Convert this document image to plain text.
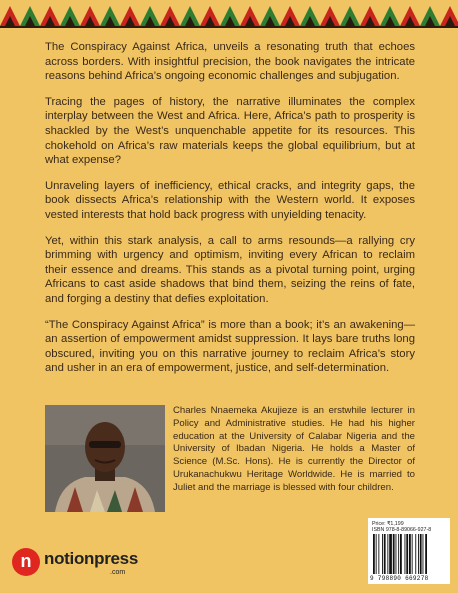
The Conspiracy Against Africa, unveils a resonating truth that echoes across borders. With insightful precision, the book navigates the intricate reasons behind Africa’s ongoing economic challenges and subjugation.

Tracing the pages of history, the narrative illuminates the complex interplay between the West and Africa. Here, Africa’s path to prosperity is shackled by the West’s unquenchable appetite for its resources. This chokehold on Africa’s raw materials keeps the global equilibrium, but at what expense?

Unraveling layers of inefficiency, ethical cracks, and integrity gaps, the book dissects Africa’s relationship with the Western world. It exposes vested interests that hold back progress with unyielding tenacity.

Yet, within this stark analysis, a call to arms resounds—a rallying cry brimming with urgency and optimism, inviting every African to reclaim their essence and dreams. This stands as a pivotal turning point, urging Africans to cast aside shadows that bind them, seizing the reins of fate, and forging a destiny that defies exploitation.

“The Conspiracy Against Africa” is more than a book; it’s an awakening—an assertion of empowerment amidst suppression. It lays bare truths long obscured, inviting you on this narrative journey to reclaim Africa’s story and usher in an era of empowerment, justice, and self-determination.

Charles Nnaemeka Akujieze is an erstwhile lecturer in Policy and Administrative studies. He had his higher education at the University of Calabar Nigeria and the University of Ibadan Nigeria. He holds a Master of Science (M.Sc. Hons). He is currently the Director of Urukanachukwu Heritage Worldwide. He is married to Juliet and the marriage is blessed with four children.

n notionpress
.com
Price: ₹1,199
ISBN 978-8-89066-927-8
9 798890 669278
